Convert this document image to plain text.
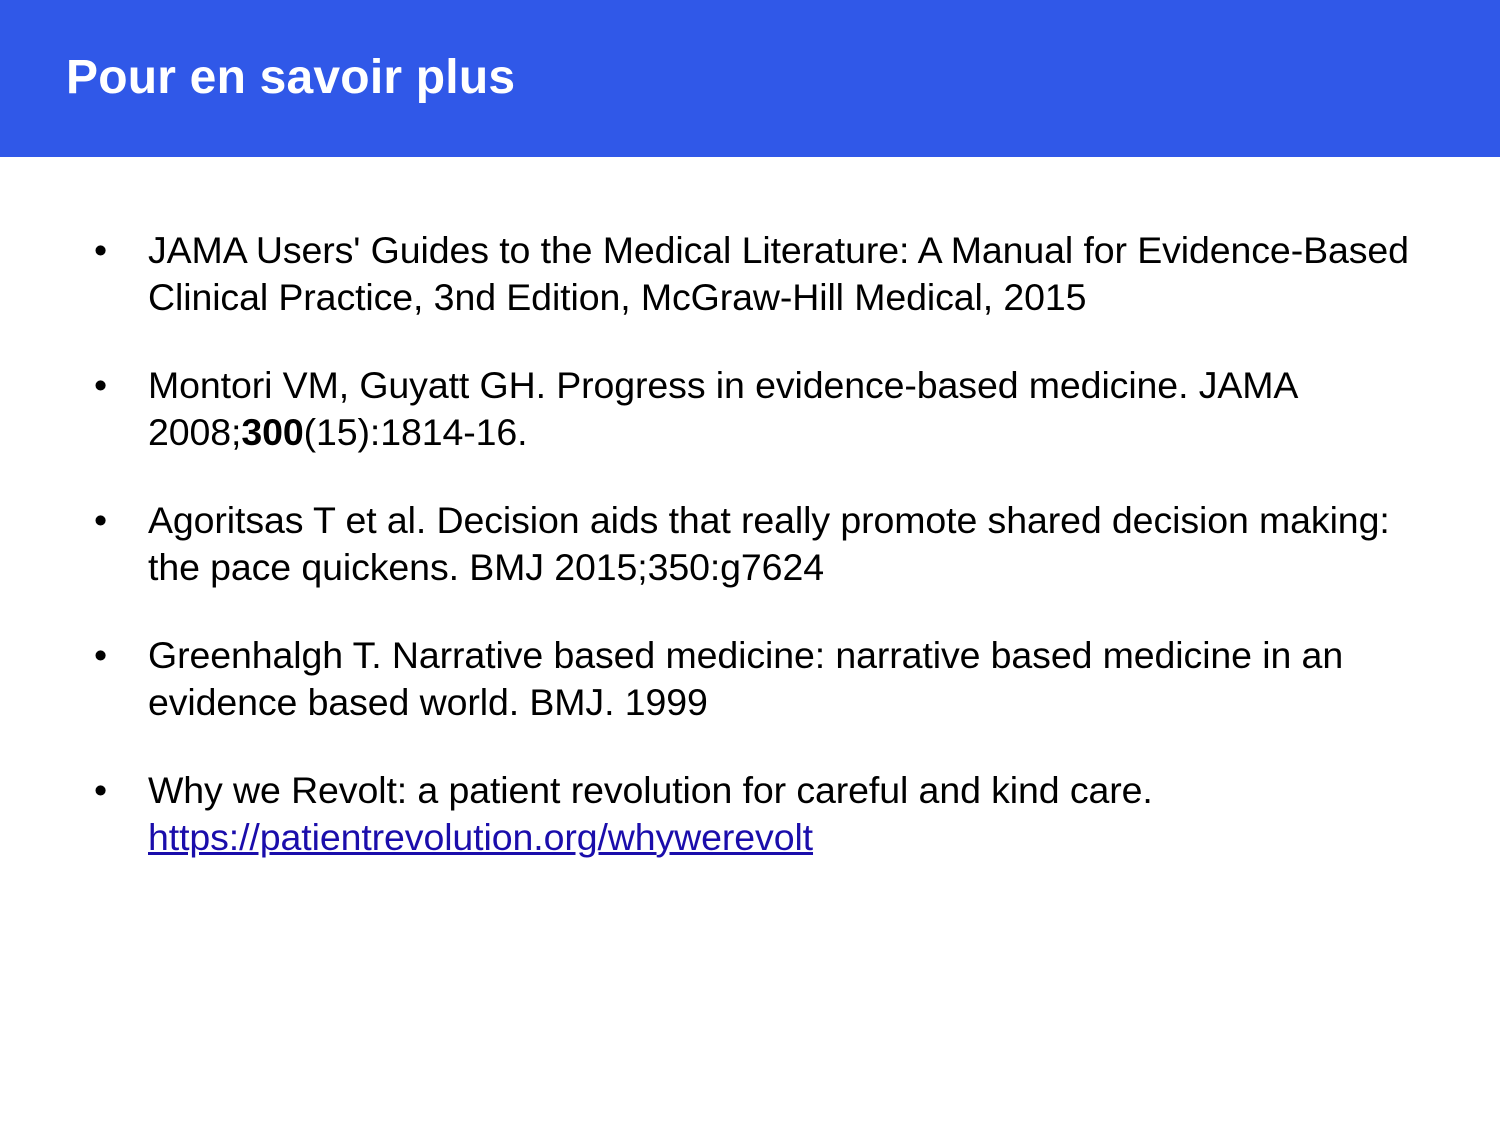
Pour en savoir plus
• JAMA Users' Guides to the Medical Literature: A Manual for Evidence-Based Clinical Practice, 3nd Edition, McGraw-Hill Medical, 2015
• Montori VM, Guyatt GH. Progress in evidence-based medicine. JAMA 2008;300(15):1814-16.
• Agoritsas T et al. Decision aids that really promote shared decision making: the pace quickens. BMJ 2015;350:g7624
• Greenhalgh T. Narrative based medicine: narrative based medicine in an evidence based world. BMJ. 1999
• Why we Revolt: a patient revolution for careful and kind care. https://patientrevolution.org/whywerevolt
